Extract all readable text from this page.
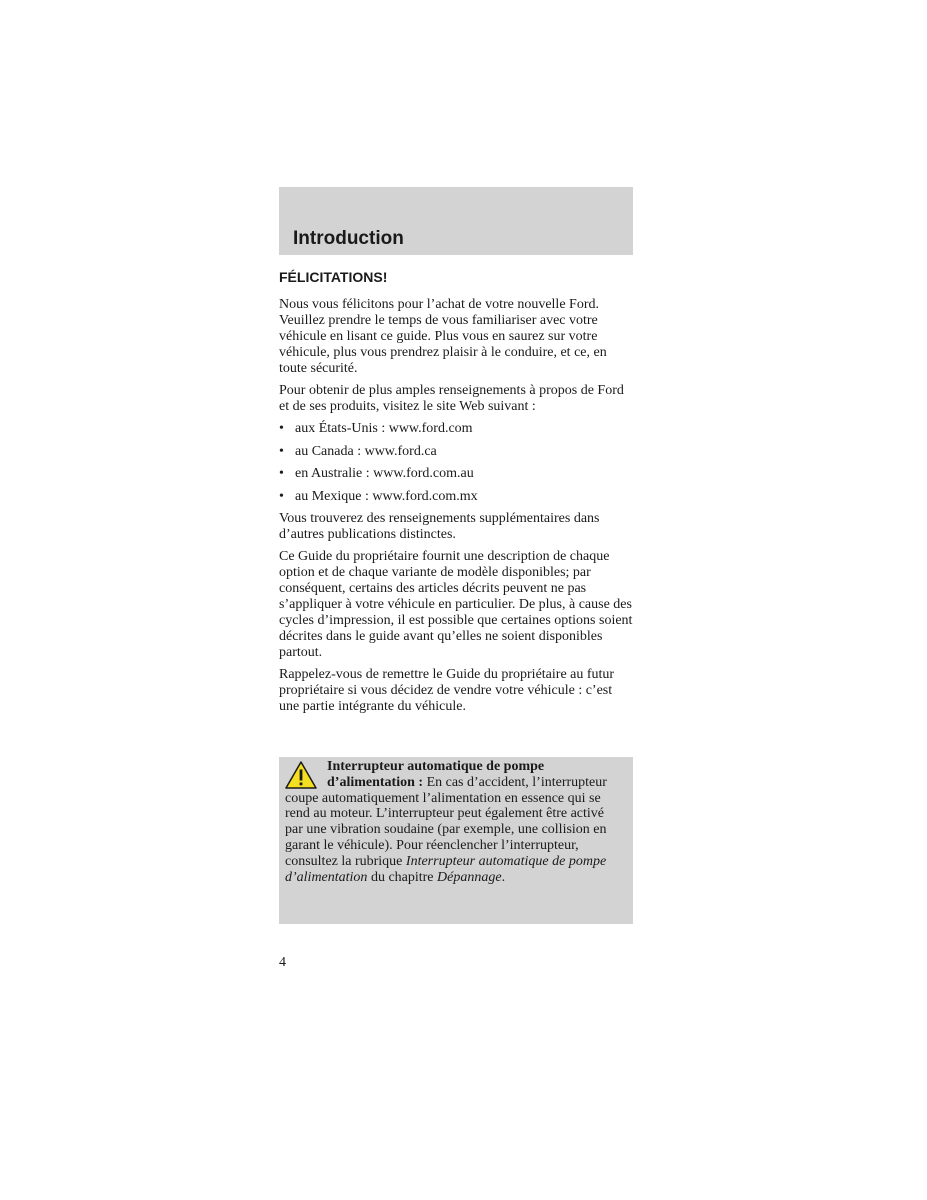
Introduction
FÉLICITATIONS!

Nous vous félicitons pour l’achat de votre nouvelle Ford. Veuillez prendre le temps de vous familiariser avec votre véhicule en lisant ce guide. Plus vous en saurez sur votre véhicule, plus vous prendrez plaisir à le conduire, et ce, en toute sécurité.

Pour obtenir de plus amples renseignements à propos de Ford et de ses produits, visitez le site Web suivant :

• aux États-Unis : www.ford.com
• au Canada : www.ford.ca
• en Australie : www.ford.com.au
• au Mexique : www.ford.com.mx

Vous trouverez des renseignements supplémentaires dans d’autres publications distinctes.

Ce Guide du propriétaire fournit une description de chaque option et de chaque variante de modèle disponibles; par conséquent, certains des articles décrits peuvent ne pas s’appliquer à votre véhicule en particulier. De plus, à cause des cycles d’impression, il est possible que certaines options soient décrites dans le guide avant qu’elles ne soient disponibles partout.

Rappelez-vous de remettre le Guide du propriétaire au futur propriétaire si vous décidez de vendre votre véhicule : c’est une partie intégrante du véhicule.

Interrupteur automatique de pompe d’alimentation : En cas d’accident, l’interrupteur coupe automatiquement l’alimentation en essence qui se rend au moteur. L’interrupteur peut également être activé par une vibration soudaine (par exemple, une collision en garant le véhicule). Pour réenclencher l’interrupteur, consultez la rubrique Interrupteur automatique de pompe d’alimentation du chapitre Dépannage.
4
